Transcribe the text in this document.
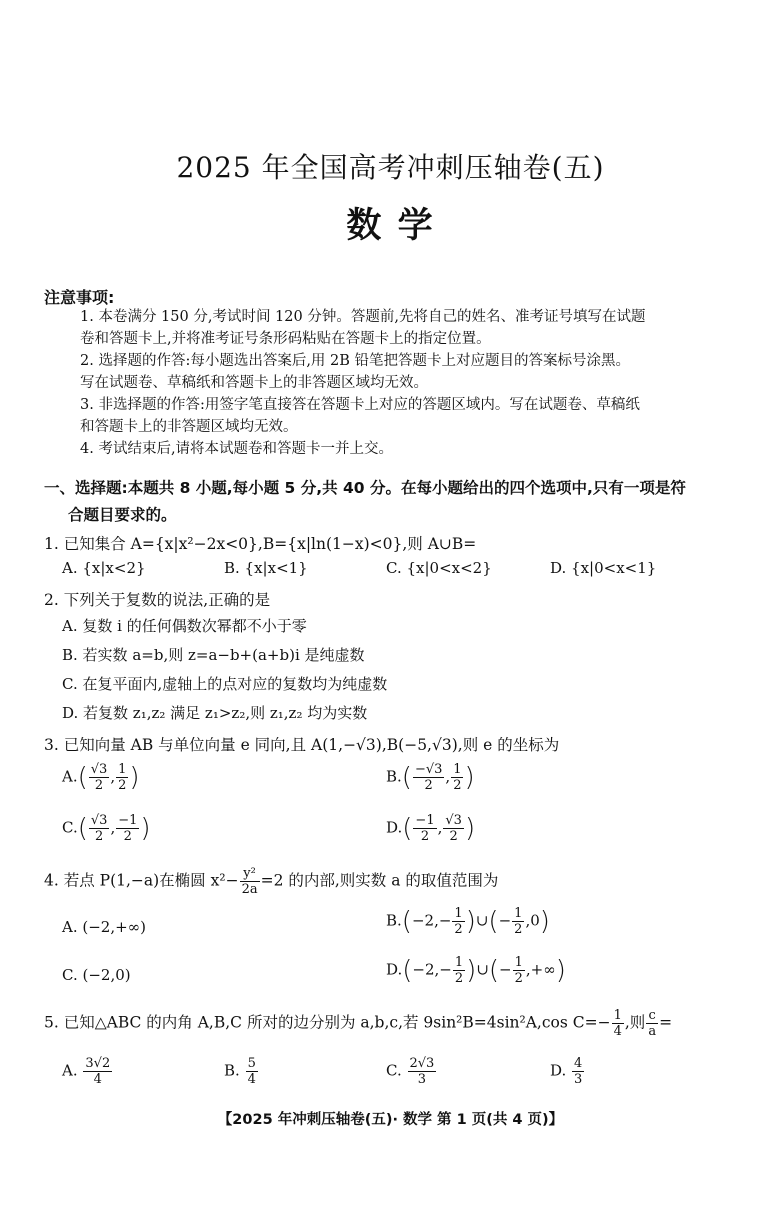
2025 年全国高考冲刺压轴卷(五)
数 学
注意事项:
1. 本卷满分 150 分,考试时间 120 分钟。答题前,先将自己的姓名、准考证号填写在试题
卷和答题卡上,并将准考证号条形码粘贴在答题卡上的指定位置。
2. 选择题的作答:每小题选出答案后,用 2B 铅笔把答题卡上对应题目的答案标号涂黑。
写在试题卷、草稿纸和答题卡上的非答题区域均无效。
3. 非选择题的作答:用签字笔直接答在答题卡上对应的答题区域内。写在试题卷、草稿纸
和答题卡上的非答题区域均无效。
4. 考试结束后,请将本试题卷和答题卡一并上交。
一、选择题:本题共 8 小题,每小题 5 分,共 40 分。在每小题给出的四个选项中,只有一项是符
合题目要求的。
1. 已知集合 A={x|x²−2x<0},B={x|ln(1−x)<0},则 A∪B=
A. {x|x<2}	B. {x|x<1}	C. {x|0<x<2}	D. {x|0<x<1}
2. 下列关于复数的说法,正确的是
A. 复数 i 的任何偶数次幂都不小于零
B. 若实数 a=b,则 z=a−b+(a+b)i 是纯虚数
C. 在复平面内,虚轴上的点对应的复数均为纯虚数
D. 若复数 z₁,z₂ 满足 z₁>z₂,则 z₁,z₂ 均为实数
3. 已知向量 AB 与单位向量 e 同向,且 A(1,−√3),B(−5,√3),则 e 的坐标为
$A.( \frac{√3}{2}$ , $\frac{1}{2}$ )	$B.( \frac{-√3}{2}$ , $\frac{1}{2}$ )
$C.( \frac{√3}{2}$ , $\frac{-1}{2}$ )	$D.( \frac{-1}{2}$ , $\frac{√3}{2}$ )
4. 若点 P(1,−a)在椭圆 $x^2- \frac{\text{y²}}{2a} =2$ 的内部,则实数 a 的取值范围为
A. (−2,+∞)	$B.(-2,- \frac{1}{2}$ )∪(− $\frac{1}{2} ,0$)
C. (−2,0)	$D.(-2,- \frac{1}{2}$ )∪(− $\frac{1}{2}$ ,+∞)
5. 已知△ABC 的内角 A,B,C 所对的边分别为 a,b,c,若 9sin²B=4sin²A,cos $C=- \frac{1}{4}$ ,则 $\frac{c}{a}$ =
A. $\frac{3√2}{4}$	B. $\frac{5}{4}$	C. $\frac{2√3}{3}$	D. $\frac{4}{3}$
【2025 年冲刺压轴卷(五)· 数学 第 1 页(共 4 页)】
